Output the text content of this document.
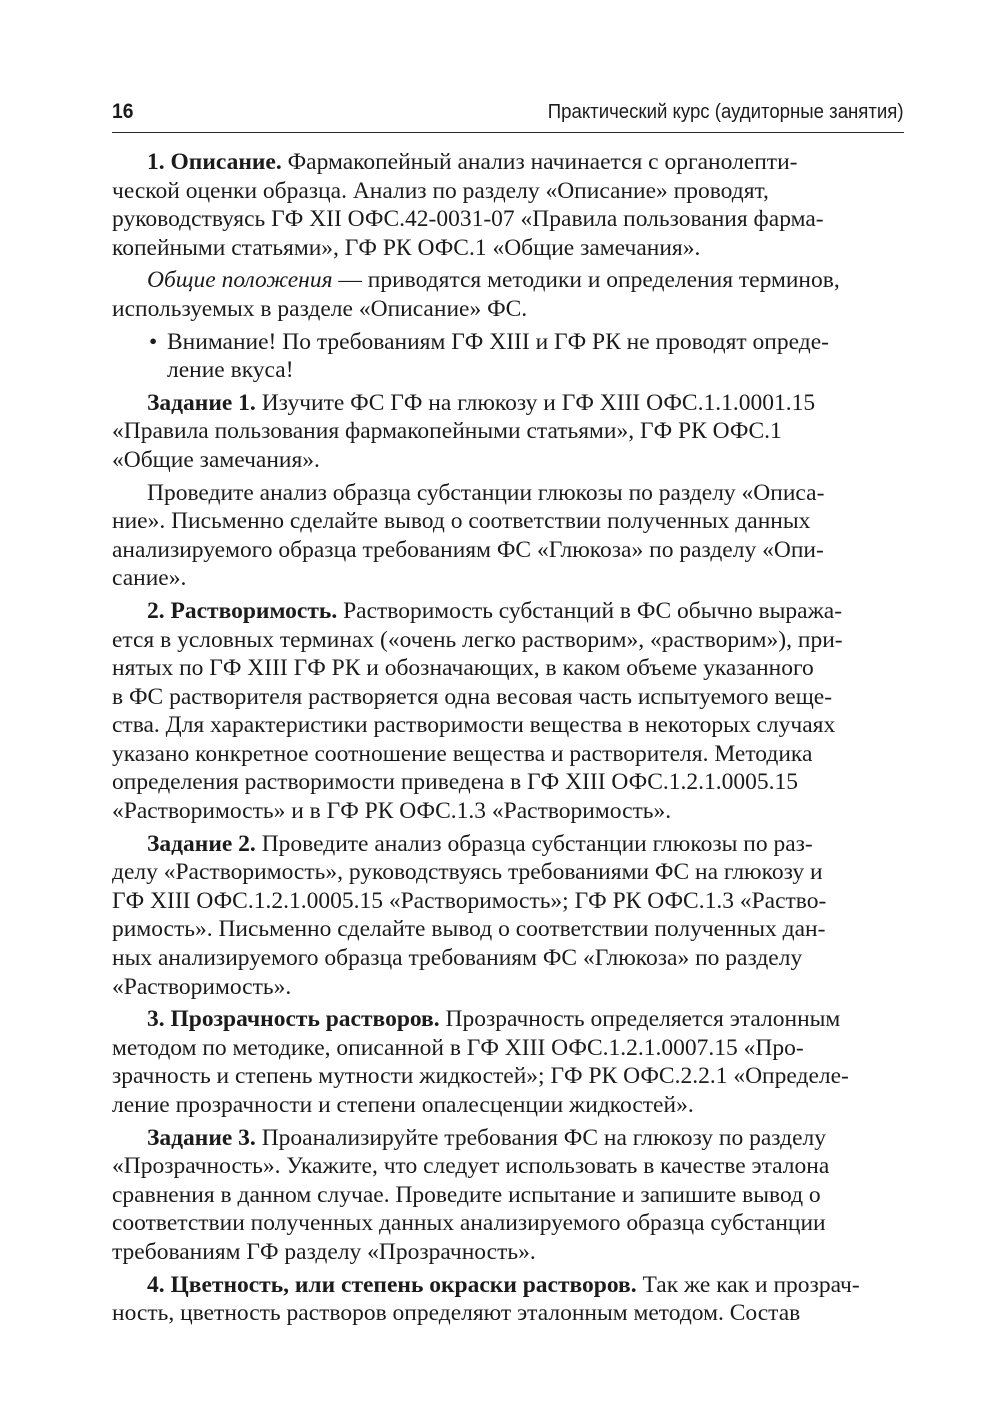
16	Практический курс (аудиторные занятия)

1. Описание. Фармакопейный анализ начинается с органолепти-
ческой оценки образца. Анализ по разделу «Описание» проводят,
руководствуясь ГФ XII ОФС.42-0031-07 «Правила пользования фарма-
копейными статьями», ГФ РК ОФС.1 «Общие замечания».

Общие положения — приводятся методики и определения терминов,
используемых в разделе «Описание» ФС.

• Внимание! По требованиям ГФ XIII и ГФ РК не проводят опреде-
ление вкуса!

Задание 1. Изучите ФС ГФ на глюкозу и ГФ XIII ОФС.1.1.0001.15
«Правила пользования фармакопейными статьями», ГФ РК ОФС.1
«Общие замечания».

Проведите анализ образца субстанции глюкозы по разделу «Описа-
ние». Письменно сделайте вывод о соответствии полученных данных
анализируемого образца требованиям ФС «Глюкоза» по разделу «Опи-
сание».

2. Растворимость. Растворимость субстанций в ФС обычно выража-
ется в условных терминах («очень легко растворим», «растворим»), при-
нятых по ГФ XIII ГФ РК и обозначающих, в каком объеме указанного
в ФС растворителя растворяется одна весовая часть испытуемого веще-
ства. Для характеристики растворимости вещества в некоторых случаях
указано конкретное соотношение вещества и растворителя. Методика
определения растворимости приведена в ГФ XIII ОФС.1.2.1.0005.15
«Растворимость» и в ГФ РК ОФС.1.3 «Растворимость».

Задание 2. Проведите анализ образца субстанции глюкозы по раз-
делу «Растворимость», руководствуясь требованиями ФС на глюкозу и
ГФ XIII ОФС.1.2.1.0005.15 «Растворимость»; ГФ РК ОФС.1.3 «Раство-
римость». Письменно сделайте вывод о соответствии полученных дан-
ных анализируемого образца требованиям ФС «Глюкоза» по разделу
«Растворимость».

3. Прозрачность растворов. Прозрачность определяется эталонным
методом по методике, описанной в ГФ XIII ОФС.1.2.1.0007.15 «Про-
зрачность и степень мутности жидкостей»; ГФ РК ОФС.2.2.1 «Определе-
ление прозрачности и степени опалесценции жидкостей».

Задание 3. Проанализируйте требования ФС на глюкозу по разделу
«Прозрачность». Укажите, что следует использовать в качестве эталона
сравнения в данном случае. Проведите испытание и запишите вывод о
соответствии полученных данных анализируемого образца субстанции
требованиям ГФ разделу «Прозрачность».

4. Цветность, или степень окраски растворов. Так же как и прозрач-
ность, цветность растворов определяют эталонным методом. Состав
